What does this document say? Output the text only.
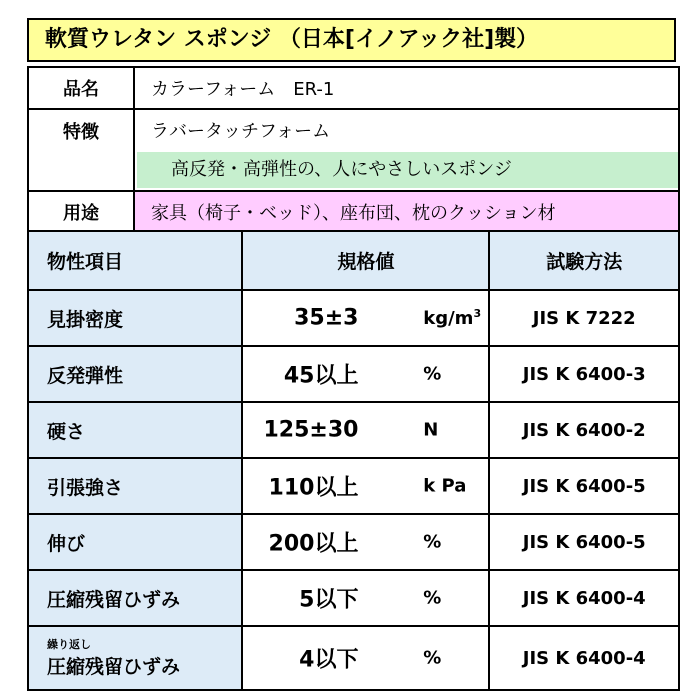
軟質ウレタン スポンジ （日本[イノアック社]製）
品名	カラーフォーム　ER-1
特徴	ラバータッチフォーム

	高反発・高弾性の、人にやさしいスポンジ

用途	家具（椅子・ベッド）、座布団、枕のクッション材
物性項目	規格値	試験方法
見掛密度	35±3 $kg/m^3$	JIS K 7222
反発弾性	45以上 %	JIS K 6400-3
硬さ	125±30 N	JIS K 6400-2
引張強さ	110以上 k Pa	JIS K 6400-5
伸び	200以上 %	JIS K 6400-5
圧縮残留ひずみ	5以下 %	JIS K 6400-4

繰り返し
圧縮残留ひずみ	4以下 %	JIS K 6400-4
